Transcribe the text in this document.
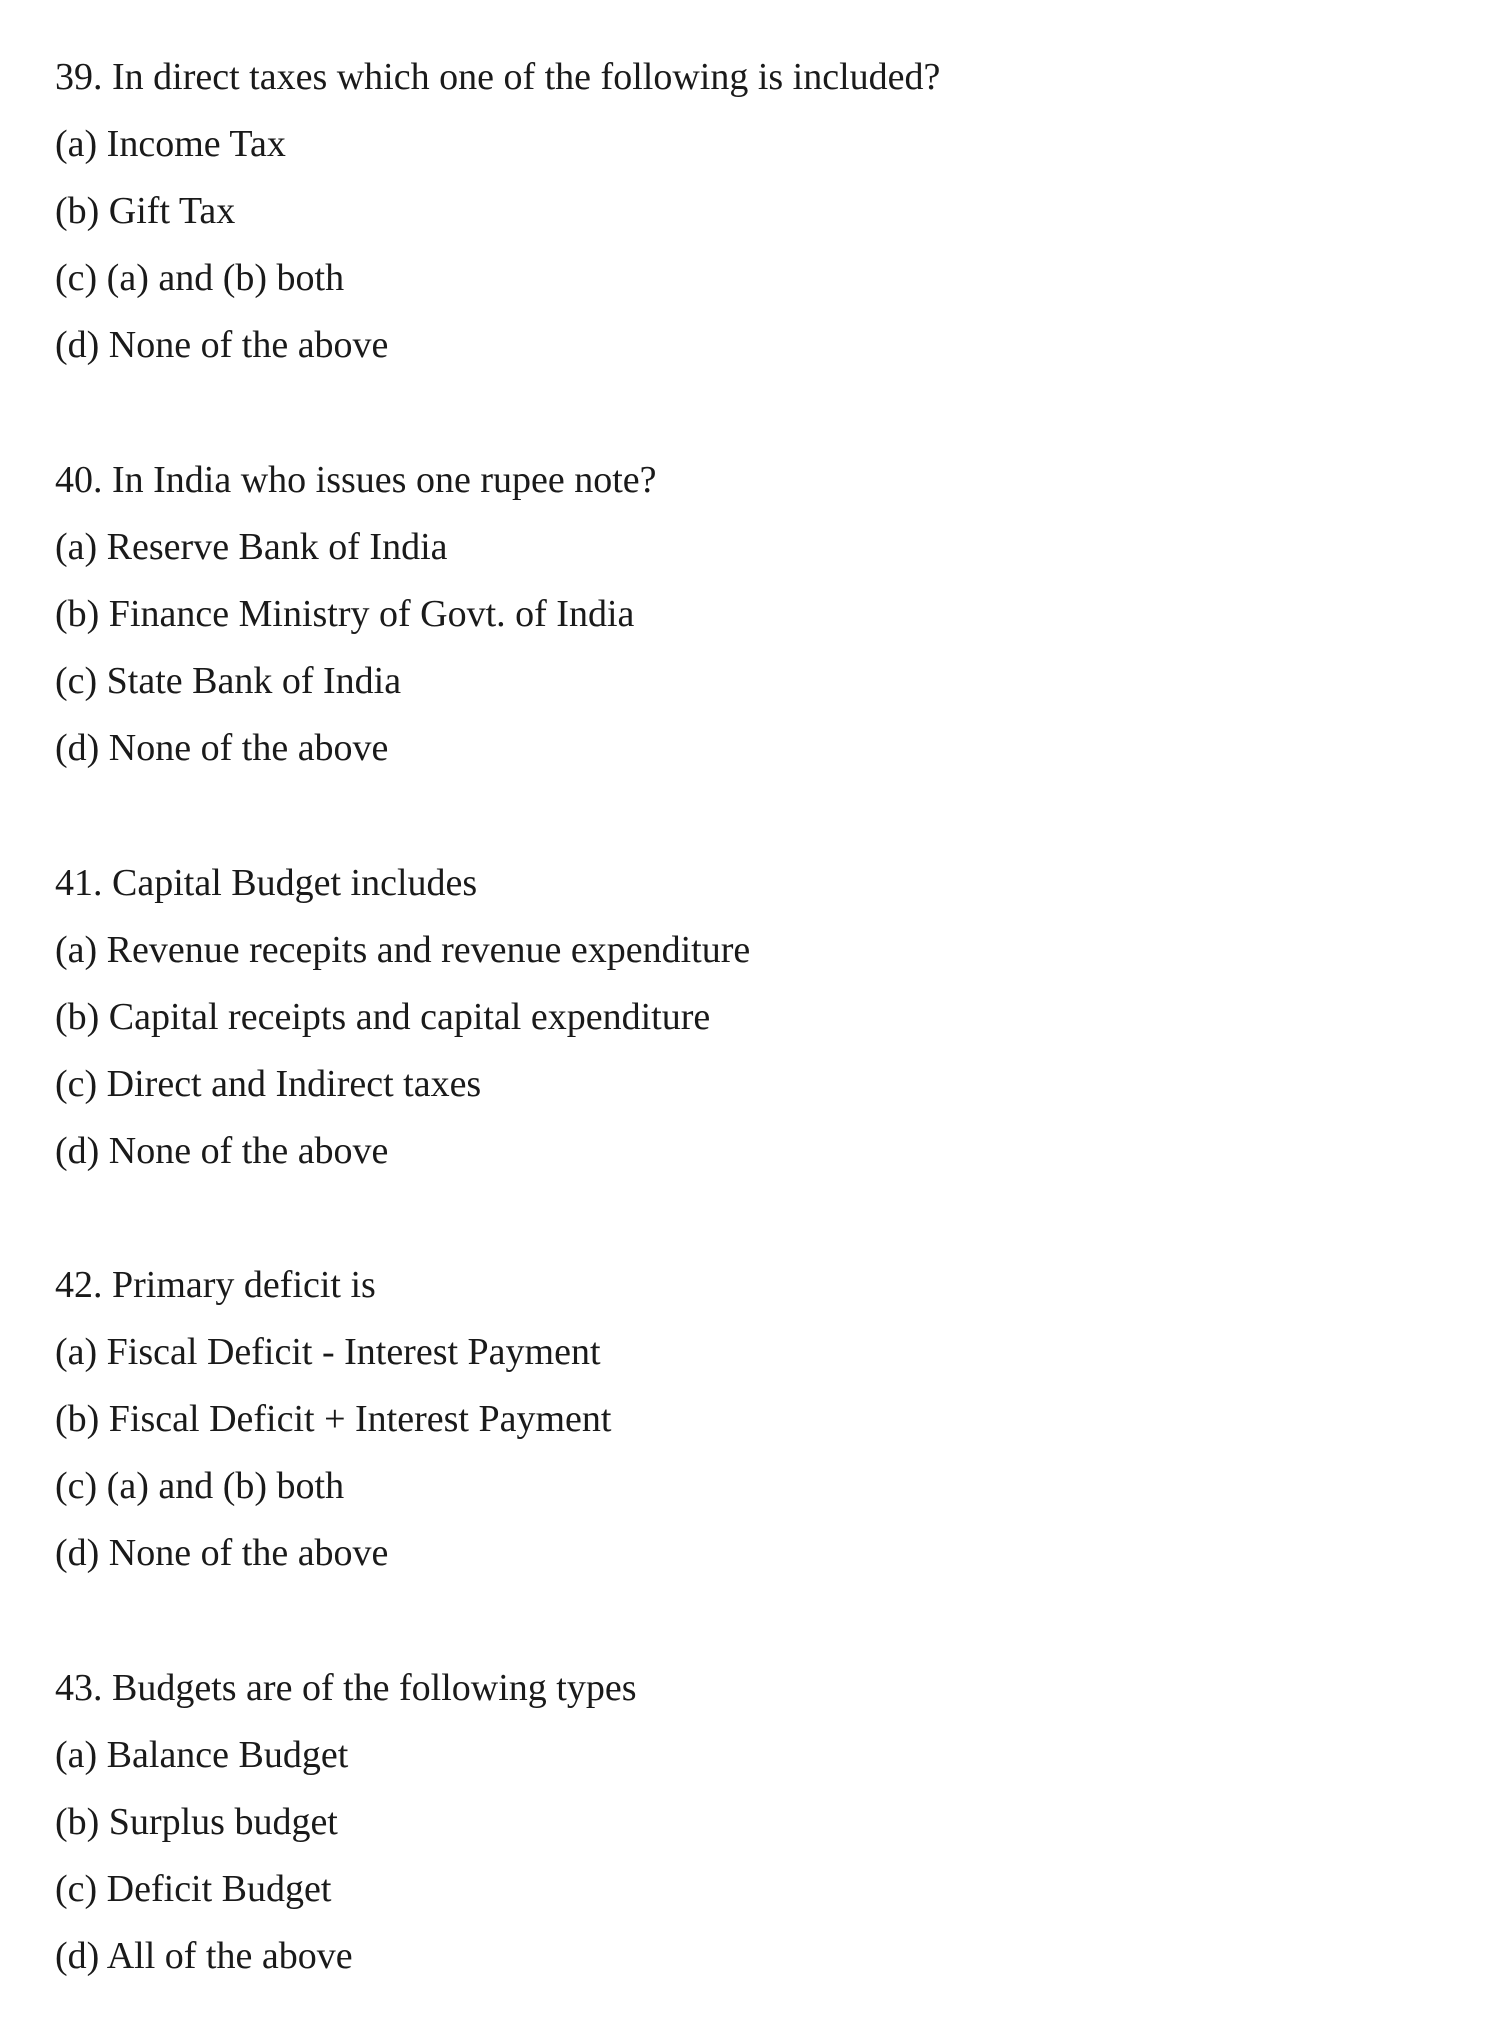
39. In direct taxes which one of the following is included?

(a) Income Tax

(b) Gift Tax

(c) (a) and (b) both

(d) None of the above

40. In India who issues one rupee note?

(a) Reserve Bank of India

(b) Finance Ministry of Govt. of India

(c) State Bank of India

(d) None of the above

41. Capital Budget includes

(a) Revenue recepits and revenue expenditure

(b) Capital receipts and capital expenditure

(c) Direct and Indirect taxes

(d) None of the above

42. Primary deficit is

(a) Fiscal Deficit - Interest Payment

(b) Fiscal Deficit + Interest Payment

(c) (a) and (b) both

(d) None of the above

43. Budgets are of the following types

(a) Balance Budget

(b) Surplus budget

(c) Deficit Budget

(d) All of the above
